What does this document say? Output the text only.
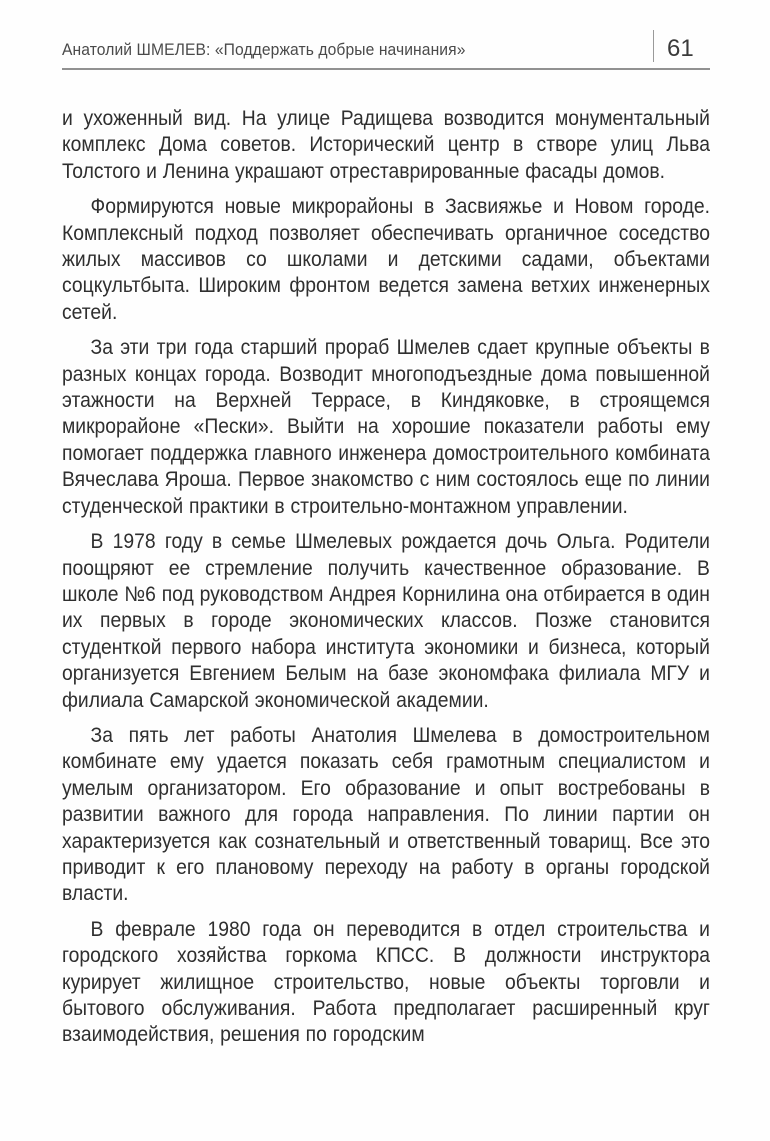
Анатолий ШМЕЛЕВ: «Поддержать добрые начинания»	61

и ухоженный вид. На улице Радищева возводится монументальный комплекс Дома советов. Исторический центр в створе улиц Льва Толстого и Ленина украшают отреставрированные фасады домов.

Формируются новые микрорайоны в Засвияжье и Новом городе. Комплексный подход позволяет обеспечивать органичное соседство жилых массивов со школами и детскими садами, объектами соцкультбыта. Широким фронтом ведется замена ветхих инженерных сетей.

За эти три года старший прораб Шмелев сдает крупные объекты в разных концах города. Возводит многоподъездные дома повышенной этажности на Верхней Террасе, в Киндяковке, в строящемся микрорайоне «Пески». Выйти на хорошие показатели работы ему помогает поддержка главного инженера домостроительного комбината Вячеслава Яроша. Первое знакомство с ним состоялось еще по линии студенческой практики в строительно-монтажном управлении.

В 1978 году в семье Шмелевых рождается дочь Ольга. Родители поощряют ее стремление получить качественное образование. В школе №6 под руководством Андрея Корнилина она отбирается в один их первых в городе экономических классов. Позже становится студенткой первого набора института экономики и бизнеса, который организуется Евгением Белым на базе экономфака филиала МГУ и филиала Самарской экономической академии.

За пять лет работы Анатолия Шмелева в домостроительном комбинате ему удается показать себя грамотным специалистом и умелым организатором. Его образование и опыт востребованы в развитии важного для города направления. По линии партии он характеризуется как сознательный и ответственный товарищ. Все это приводит к его плановому переходу на работу в органы городской власти.

В феврале 1980 года он переводится в отдел строительства и городского хозяйства горкома КПСС. В должности инструктора курирует жилищное строительство, новые объекты торговли и бытового обслуживания. Работа предполагает расширенный круг взаимодействия, решения по городским
